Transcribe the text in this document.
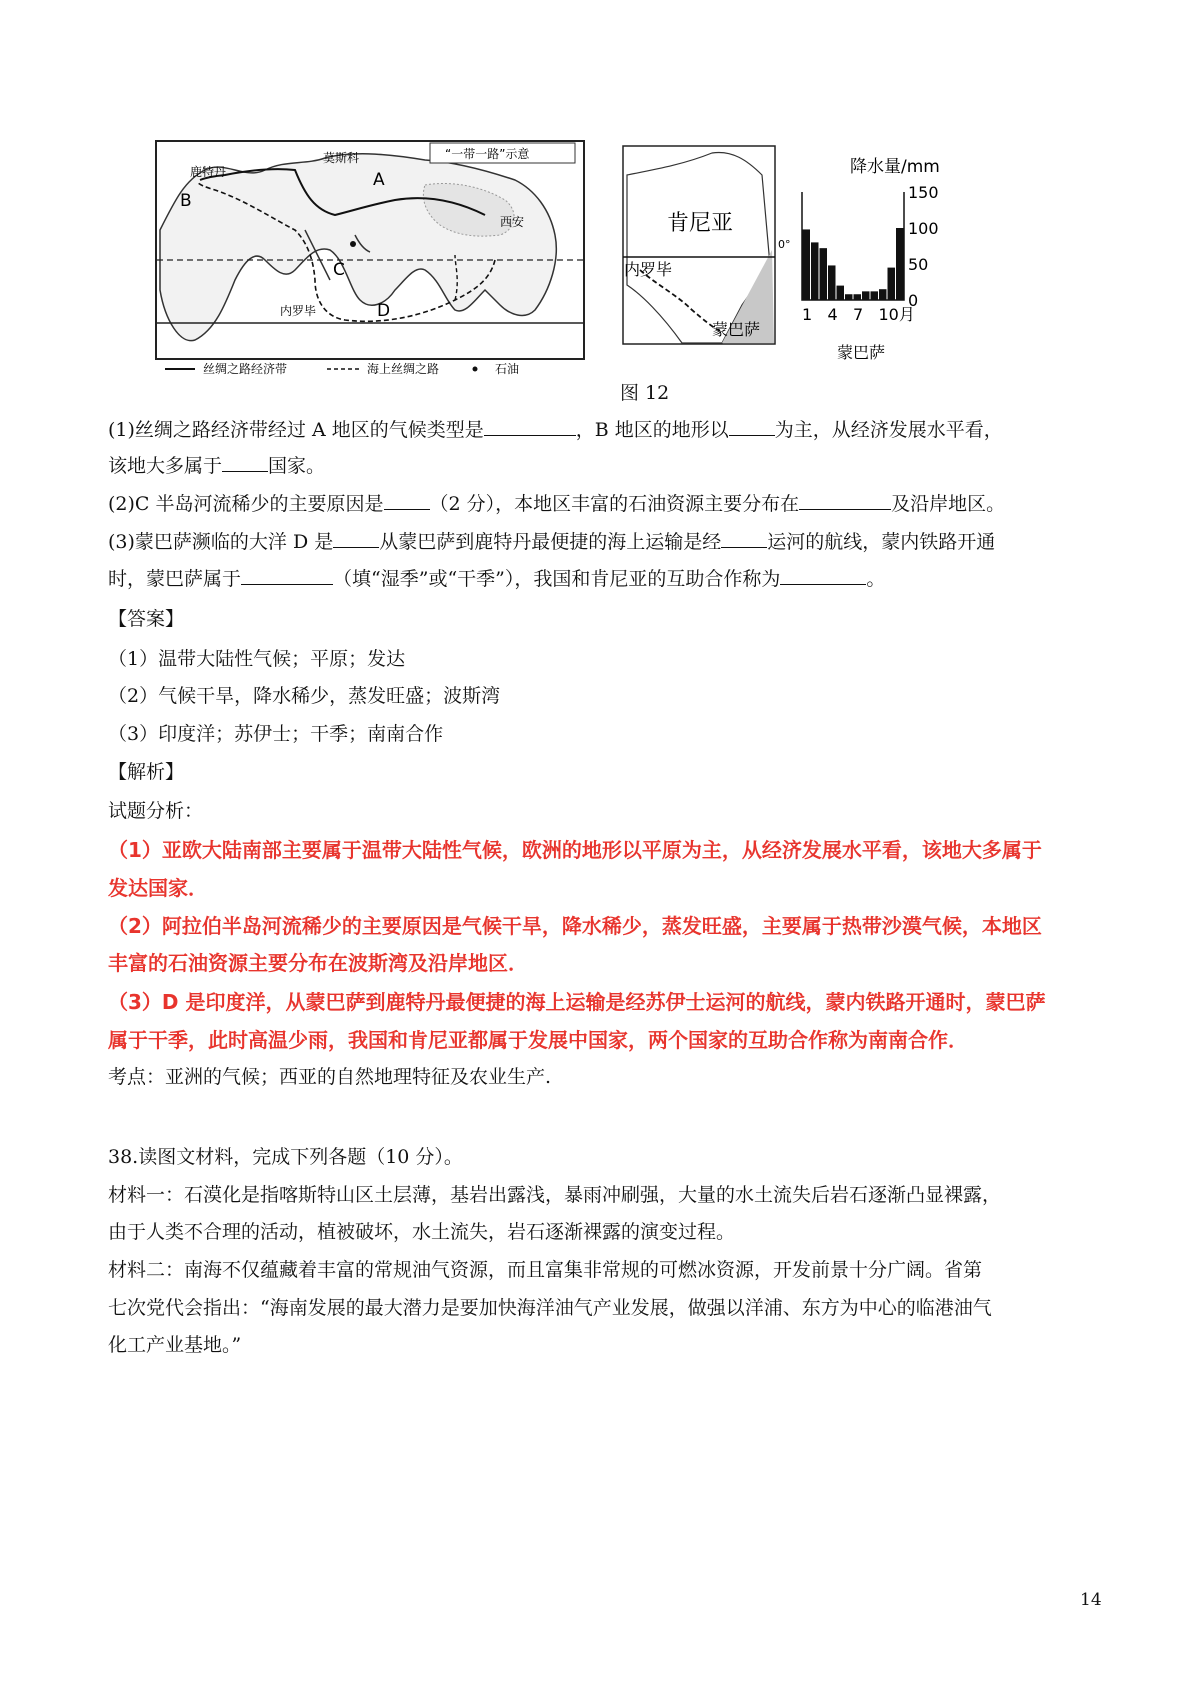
“一带一路”示意
莫斯科
鹿特丹
西安
内罗毕
A
B
C
D
丝绸之路经济带	海上丝绸之路	石油
肯尼亚
内罗毕
蒙巴萨
0°
降水量/mm
150
100
50
0
1 4 7 10月
蒙巴萨
图 12
(1)丝绸之路经济带经过 A 地区的气候类型是	，B 地区的地形以 为主，从经济发展水平看，
该地大多属于 国家。
(2)C 半岛河流稀少的主要原因是 （2 分），本地区丰富的石油资源主要分布在	及沿岸地区。
(3)蒙巴萨濒临的大洋 D 是 从蒙巴萨到鹿特丹最便捷的海上运输是经 运河的航线，蒙内铁路开通
时，蒙巴萨属于	（填“湿季”或“干季”），我国和肯尼亚的互助合作称为	。
【答案】
（1）温带大陆性气候；平原；发达
（2）气候干旱，降水稀少，蒸发旺盛；波斯湾
（3）印度洋；苏伊士；干季；南南合作
【解析】
试题分析：
（1）亚欧大陆南部主要属于温带大陆性气候，欧洲的地形以平原为主，从经济发展水平看，该地大多属于
发达国家．
（2）阿拉伯半岛河流稀少的主要原因是气候干旱，降水稀少，蒸发旺盛，主要属于热带沙漠气候，本地区
丰富的石油资源主要分布在波斯湾及沿岸地区．
（3）D 是印度洋，从蒙巴萨到鹿特丹最便捷的海上运输是经苏伊士运河的航线，蒙内铁路开通时，蒙巴萨
属于干季，此时高温少雨，我国和肯尼亚都属于发展中国家，两个国家的互助合作称为南南合作．
考点：亚洲的气候；西亚的自然地理特征及农业生产.
38.读图文材料，完成下列各题（10 分）。
材料一：石漠化是指喀斯特山区土层薄，基岩出露浅，暴雨冲刷强，大量的水土流失后岩石逐渐凸显裸露，
由于人类不合理的活动，植被破坏，水土流失，岩石逐渐裸露的演变过程。
材料二：南海不仅蕴藏着丰富的常规油气资源，而且富集非常规的可燃冰资源，开发前景十分广阔。省第
七次党代会指出：“海南发展的最大潜力是要加快海洋油气产业发展，做强以洋浦、东方为中心的临港油气
化工产业基地。”
14
